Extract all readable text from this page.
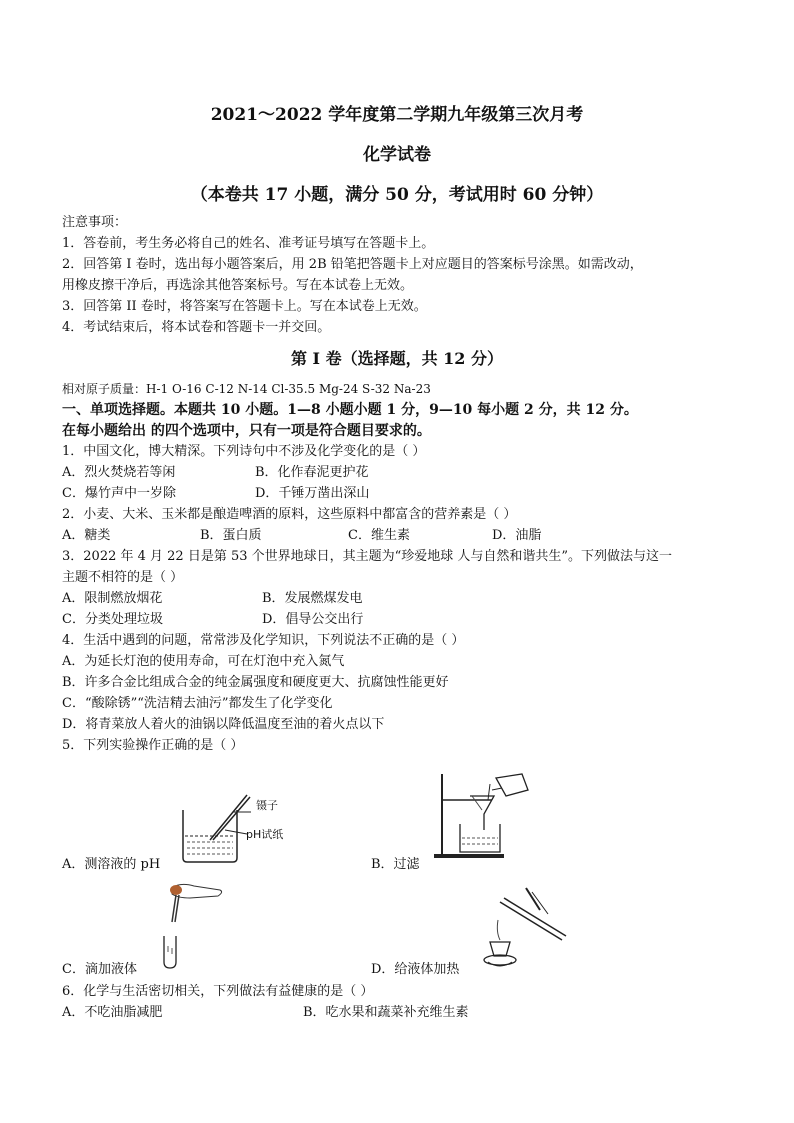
2021～2022 学年度第二学期九年级第三次月考
化学试卷
（本卷共 17 小题，满分 50 分，考试用时 60 分钟）
注意事项：
1．答卷前，考生务必将自己的姓名、准考证号填写在答题卡上。
2．回答第 I 卷时，选出每小题答案后，用 2B 铅笔把答题卡上对应题目的答案标号涂黑。如需改动，
用橡皮擦干净后，再选涂其他答案标号。写在本试卷上无效。
3．回答第 II 卷时，将答案写在答题卡上。写在本试卷上无效。
4．考试结束后，将本试卷和答题卡一并交回。
第 I 卷（选择题，共 12 分）
相对原子质量：H-1 O-16 C-12 N-14 Cl-35.5 Mg-24 S-32 Na-23
一、单项选择题。本题共 10 小题。1—8 小题小题 1 分，9—10 每小题 2 分，共 12 分。
在每小题给出 的四个选项中，只有一项是符合题目要求的。
1．中国文化，博大精深。下列诗句中不涉及化学变化的是（ ）
A．烈火焚烧若等闲	B．化作春泥更护花
C．爆竹声中一岁除	D．千锤万凿出深山
2．小麦、大米、玉米都是酿造啤酒的原料，这些原料中都富含的营养素是（ ）
A．糖类	B．蛋白质	C．维生素	D．油脂
3．2022 年 4 月 22 日是第 53 个世界地球日，其主题为“珍爱地球 人与自然和谐共生”。下列做法与这一
主题不相符的是（ ）
A．限制燃放烟花	B．发展燃煤发电
C．分类处理垃圾	D．倡导公交出行
4．生活中遇到的问题，常常涉及化学知识，下列说法不正确的是（ ）
A．为延长灯泡的使用寿命，可在灯泡中充入氮气
B．许多合金比组成合金的纯金属强度和硬度更大、抗腐蚀性能更好
C．“酸除锈”“洗洁精去油污”都发生了化学变化
D．将青菜放人着火的油锅以降低温度至油的着火点以下
5．下列实验操作正确的是（ ）
镊子
pH试纸
A．测溶液的 pH	B．过滤
C．滴加液体	D．给液体加热
6．化学与生活密切相关，下列做法有益健康的是（ ）
A．不吃油脂减肥	B．吃水果和蔬菜补充维生素
